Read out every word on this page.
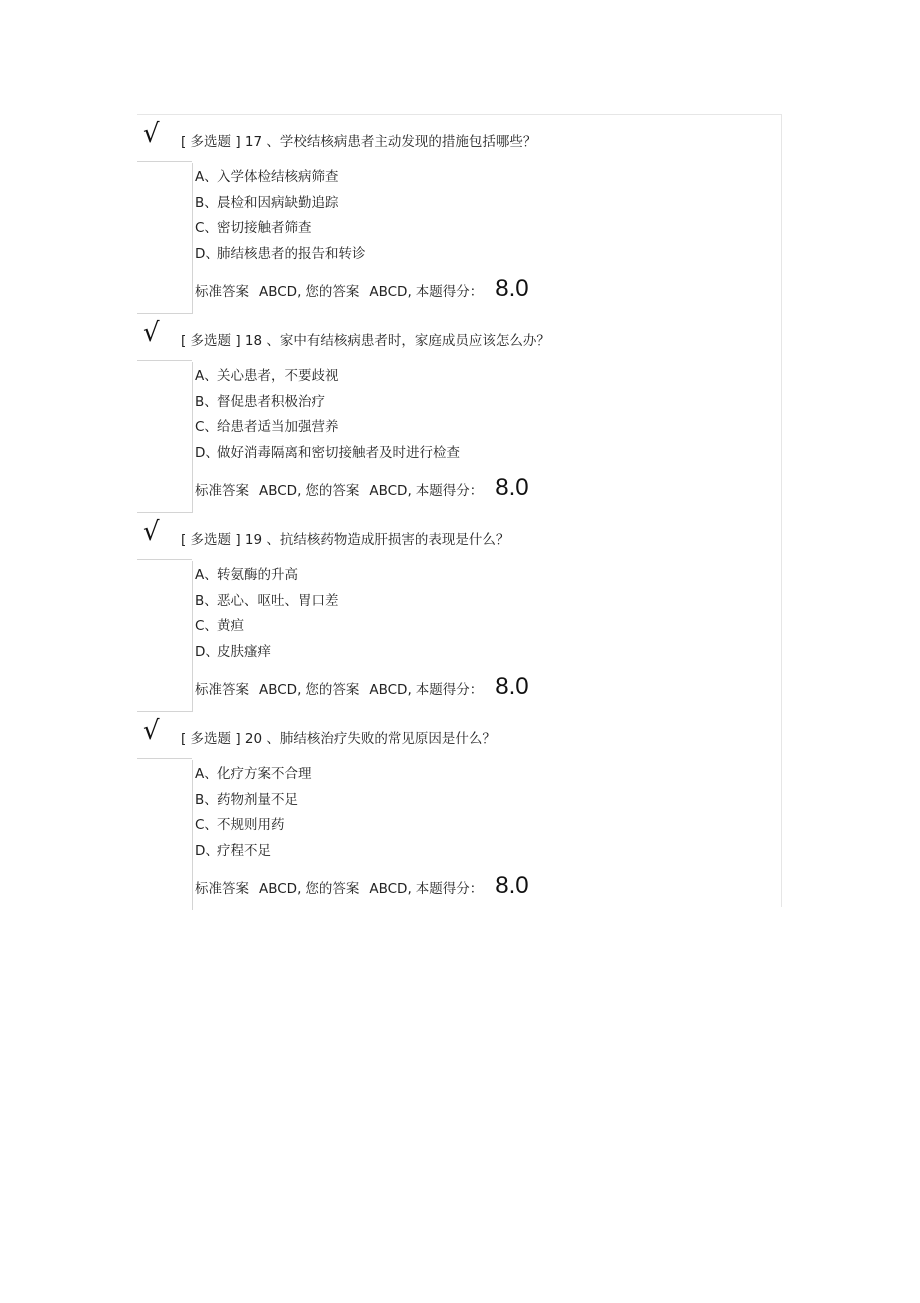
√ [ 多选题 ] 17 、学校结核病患者主动发现的措施包括哪些？
A、入学体检结核病筛查
B、晨检和因病缺勤追踪
C、密切接触者筛查
D、肺结核患者的报告和转诊
标准答案 ABCD, 您的答案 ABCD, 本题得分： 8.0
√ [ 多选题 ] 18 、家中有结核病患者时，家庭成员应该怎么办？
A、关心患者，不要歧视
B、督促患者积极治疗
C、给患者适当加强营养
D、做好消毒隔离和密切接触者及时进行检查
标准答案 ABCD, 您的答案 ABCD, 本题得分： 8.0
√ [ 多选题 ] 19 、抗结核药物造成肝损害的表现是什么？
A、转氨酶的升高
B、恶心、呕吐、胃口差
C、黄疸
D、皮肤瘙痒
标准答案 ABCD, 您的答案 ABCD, 本题得分： 8.0
√ [ 多选题 ] 20 、肺结核治疗失败的常见原因是什么？
A、化疗方案不合理
B、药物剂量不足
C、不规则用药
D、疗程不足
标准答案 ABCD, 您的答案 ABCD, 本题得分： 8.0
